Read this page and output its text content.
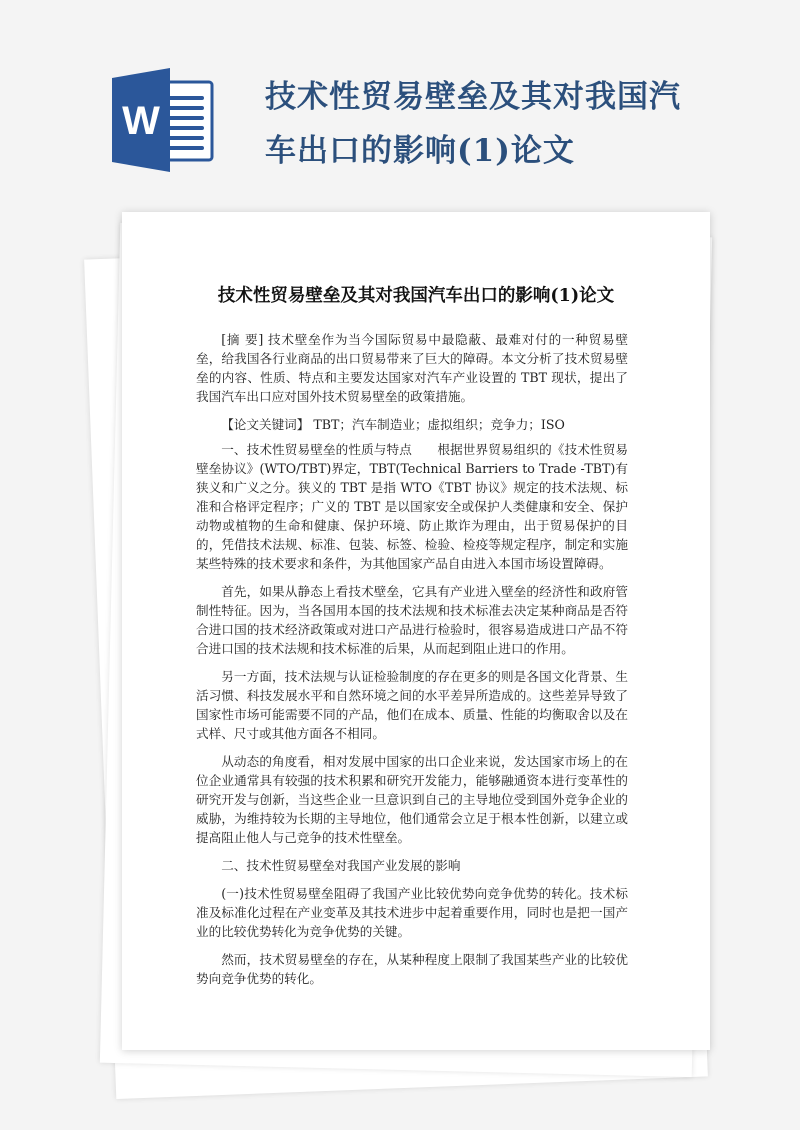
W
技术性贸易壁垒及其对我国汽车出口的影响(1)论文
技术性贸易壁垒及其对我国汽车出口的影响(1)论文

[摘 要] 技术壁垒作为当今国际贸易中最隐蔽、最难对付的一种贸易壁垒，给我国各行业商品的出口贸易带来了巨大的障碍。本文分析了技术贸易壁垒的内容、性质、特点和主要发达国家对汽车产业设置的 TBT 现状，提出了我国汽车出口应对国外技术贸易壁垒的政策措施。

【论文关键词】 TBT；汽车制造业；虚拟组织；竞争力；ISO

一、技术性贸易壁垒的性质与特点　　根据世界贸易组织的《技术性贸易壁垒协议》(WTO/TBT)界定，TBT(Technical Barriers to Trade -TBT)有狭义和广义之分。狭义的 TBT 是指 WTO《TBT 协议》规定的技术法规、标准和合格评定程序；广义的 TBT 是以国家安全或保护人类健康和安全、保护动物或植物的生命和健康、保护环境、防止欺诈为理由，出于贸易保护的目的，凭借技术法规、标准、包装、标签、检验、检疫等规定程序，制定和实施某些特殊的技术要求和条件，为其他国家产品自由进入本国市场设置障碍。

首先，如果从静态上看技术壁垒，它具有产业进入壁垒的经济性和政府管制性特征。因为，当各国用本国的技术法规和技术标准去决定某种商品是否符合进口国的技术经济政策或对进口产品进行检验时，很容易造成进口产品不符合进口国的技术法规和技术标准的后果，从而起到阻止进口的作用。

另一方面，技术法规与认证检验制度的存在更多的则是各国文化背景、生活习惯、科技发展水平和自然环境之间的水平差异所造成的。这些差异导致了国家性市场可能需要不同的产品，他们在成本、质量、性能的均衡取舍以及在式样、尺寸或其他方面各不相同。

从动态的角度看，相对发展中国家的出口企业来说，发达国家市场上的在位企业通常具有较强的技术积累和研究开发能力，能够融通资本进行变革性的研究开发与创新，当这些企业一旦意识到自己的主导地位受到国外竞争企业的威胁，为维持较为长期的主导地位，他们通常会立足于根本性创新，以建立或提高阻止他人与己竞争的技术性壁垒。

二、技术性贸易壁垒对我国产业发展的影响

(一)技术性贸易壁垒阻碍了我国产业比较优势向竞争优势的转化。技术标准及标准化过程在产业变革及其技术进步中起着重要作用，同时也是把一国产业的比较优势转化为竞争优势的关键。

然而，技术贸易壁垒的存在，从某种程度上限制了我国某些产业的比较优势向竞争优势的转化。
